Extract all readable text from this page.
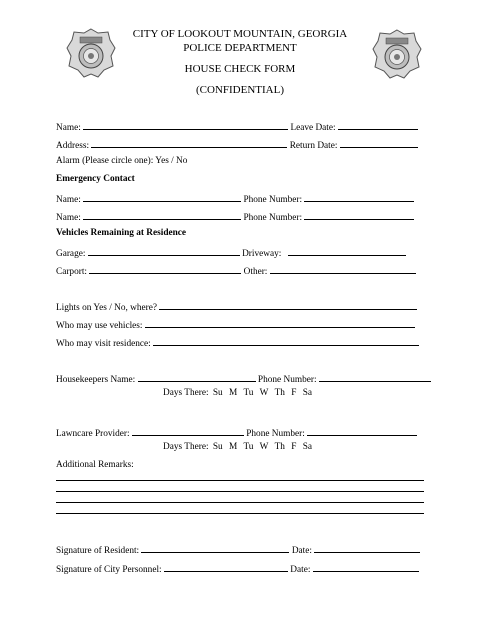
CITY OF LOOKOUT MOUNTAIN, GEORGIA
POLICE DEPARTMENT
HOUSE CHECK FORM
(CONFIDENTIAL)
Name:	Leave Date:
Address:	Return Date:
Alarm (Please circle one): Yes / No
Emergency Contact
Name:	Phone Number:
Name:	Phone Number:
Vehicles Remaining at Residence
Garage:	Driveway:
Carport:	Other:
Lights on Yes / No, where?
Who may use vehicles:
Who may visit residence:
Housekeepers Name:	Phone Number:
Days There: Su M Tu W Th F Sa
Lawncare Provider:	Phone Number:
Days There: Su M Tu W Th F Sa
Additional Remarks:
Signature of Resident:	Date:
Signature of City Personnel:	Date:
